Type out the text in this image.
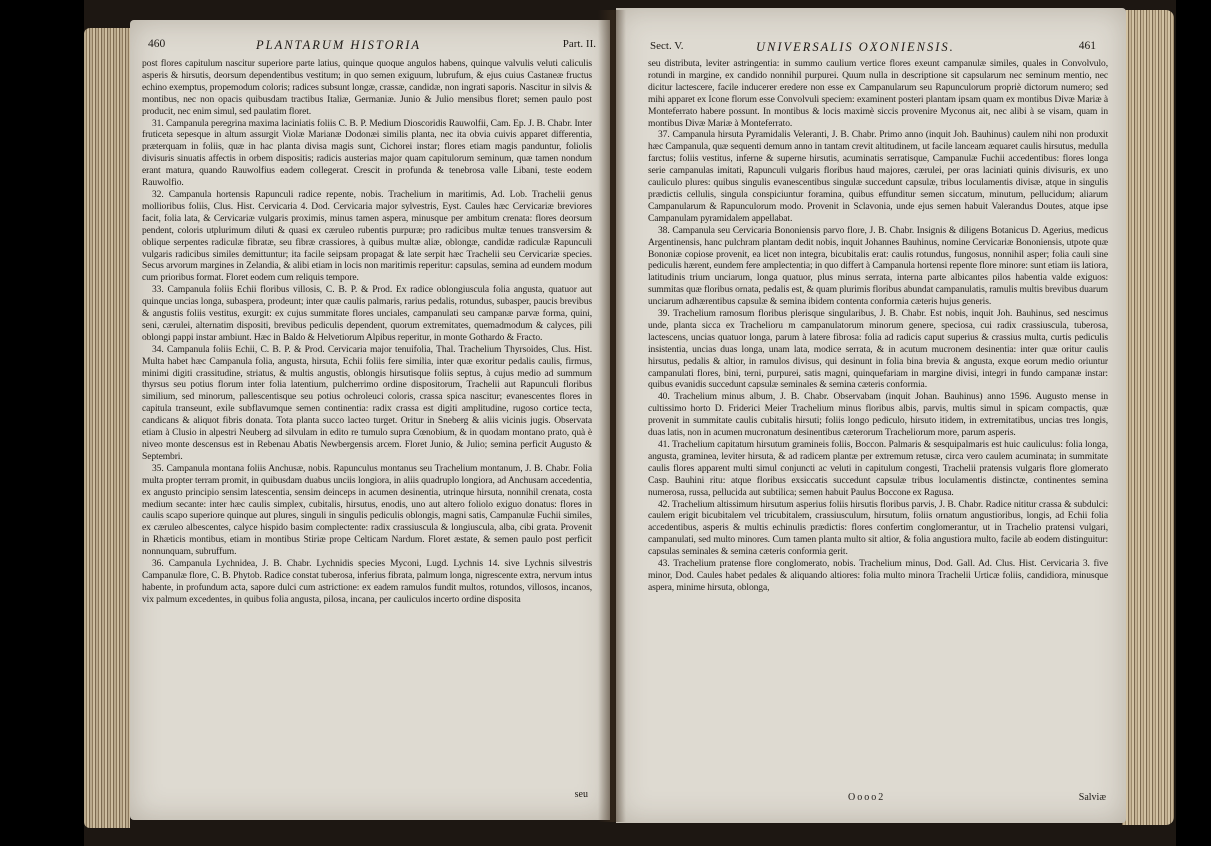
460	PLANTARUM HISTORIA	Part. II.

post flores capitulum nascitur superiore parte latius, quinque quoque angulos habens, quinque valvulis veluti caliculis asperis & hirsutis, deorsum dependentibus vestitum; in quo semen exiguum, lubrufum, & ejus cuius Castaneæ fructus echino exemptus, propemodum coloris; radices subsunt longæ, crassæ, candidæ, non ingrati saporis. Nascitur in silvis & montibus, nec non opacis quibusdam tractibus Italiæ, Germaniæ. Junio & Julio mensibus floret; semen paulo post producit, nec enim simul, sed paulatim floret.

31. Campanula peregrina maxima laciniatis foliis C. B. P. Medium Dioscoridis Rauwolfii, Cam. Ep. J. B. Chabr. Inter fruticeta sepesque in altum assurgit Violæ Marianæ Dodonæi similis planta, nec ita obvia cuivis apparet differentia, præterquam in foliis, quæ in hac planta divisa magis sunt, Cichorei instar; flores etiam magis panduntur, foliolis divisuris sinuatis affectis in orbem dispositis; radicis austerias major quam capitulorum seminum, quæ tamen nondum erant matura, quando Rauwolfius eadem collegerat. Crescit in profunda & tenebrosa valle Libani, teste eodem Rauwolfio.

32. Campanula hortensis Rapunculi radice repente, nobis. Trachelium in maritimis, Ad. Lob. Trachelii genus mollioribus foliis, Clus. Hist. Cervicaria 4. Dod. Cervicaria major sylvestris, Eyst. Caules hæc Cervicariæ breviores facit, folia lata, & Cervicariæ vulgaris proximis, minus tamen aspera, minusque per ambitum crenata: flores deorsum pendent, coloris utplurimum diluti & quasi ex cæruleo rubentis purpuræ; pro radicibus multæ tenues transversim & oblique serpentes radiculæ fibratæ, seu fibræ crassiores, à quibus multæ aliæ, oblongæ, candidæ radiculæ Rapunculi vulgaris radicibus similes demittuntur; ita facile seipsam propagat & late serpit hæc Trachelii seu Cervicariæ species. Secus arvorum margines in Zelandia, & alibi etiam in locis non maritimis reperitur: capsulas, semina ad eundem modum cum prioribus format. Floret eodem cum reliquis tempore.

33. Campanula foliis Echii floribus villosis, C. B. P. & Prod. Ex radice oblongiuscula folia angusta, quatuor aut quinque uncias longa, subaspera, prodeunt; inter quæ caulis palmaris, rarius pedalis, rotundus, subasper, paucis brevibus & angustis foliis vestitus, exurgit: ex cujus summitate flores unciales, campanulati seu campanæ parvæ forma, quini, seni, cærulei, alternatim dispositi, brevibus pediculis dependent, quorum extremitates, quemadmodum & calyces, pili oblongi pappi instar ambiunt. Hæc in Baldo & Helvetiorum Alpibus reperitur, in monte Gothardo & Fracto.

34. Campanula foliis Echii, C. B. P. & Prod. Cervicaria major tenuifolia, Thal. Trachelium Thyrsoides, Clus. Hist. Multa habet hæc Campanula folia, angusta, hirsuta, Echii foliis fere similia, inter quæ exoritur pedalis caulis, firmus, minimi digiti crassitudine, striatus, & multis angustis, oblongis hirsutisque foliis septus, à cujus medio ad summum thyrsus seu potius florum inter folia latentium, pulcherrimo ordine dispositorum, Trachelii aut Rapunculi floribus similium, sed minorum, pallescentisque seu potius ochroleuci coloris, crassa spica nascitur; evanescentes flores in capitula transeunt, exile subflavumque semen continentia: radix crassa est digiti amplitudine, rugoso cortice tecta, candicans & aliquot fibris donata. Tota planta succo lacteo turget. Oritur in Sneberg & aliis vicinis jugis. Observata etiam à Clusio in alpestri Neuberg ad silvulam in edito re tumulo supra Cœnobium, & in quodam montano prato, quà è niveo monte descensus est in Rebenau Abatis Newbergensis arcem. Floret Junio, & Julio; semina perficit Augusto & Septembri.

35. Campanula montana foliis Anchusæ, nobis. Rapunculus montanus seu Trachelium montanum, J. B. Chabr. Folia multa propter terram promit, in quibusdam duabus unciis longiora, in aliis quadruplo longiora, ad Anchusam accedentia, ex angusto principio sensim latescentia, sensim deinceps in acumen desinentia, utrinque hirsuta, nonnihil crenata, costa medium secante: inter hæc caulis simplex, cubitalis, hirsutus, enodis, uno aut altero foliolo exiguo donatus: flores in caulis scapo superiore quinque aut plures, singuli in singulis pediculis oblongis, magni satis, Campanulæ Fuchii similes, ex cæruleo albescentes, calyce hispido basim complectente: radix crassiuscula & longiuscula, alba, cibi grata. Provenit in Rhæticis montibus, etiam in montibus Stiriæ prope Celticam Nardum. Floret æstate, & semen paulo post perficit nonnunquam, subruffum.

36. Campanula Lychnidea, J. B. Chabr. Lychnidis species Myconi, Lugd. Lychnis 14. sive Lychnis silvestris Campanulæ flore, C. B. Phytob. Radice constat tuberosa, inferius fibrata, palmum longa, nigrescente extra, nervum intus habente, in profundum acta, sapore dulci cum astrictione: ex eadem ramulos fundit multos, rotundos, villosos, incanos, vix palmum excedentes, in quibus folia angusta, pilosa, incana, per cauliculos incerto ordine disposita

seu
Sect. V.	UNIVERSALIS OXONIENSIS.	461

seu distributa, leviter astringentia: in summo caulium vertice flores exeunt campanulæ similes, quales in Convolvulo, rotundi in margine, ex candido nonnihil purpurei. Quum nulla in descriptione sit capsularum nec seminum mentio, nec dicitur lactescere, facile inducerer eredere non esse ex Campanularum seu Rapunculorum propriè dictorum numero; sed mihi apparet ex Icone florum esse Convolvuli speciem: examinent posteri plantam ipsam quam ex montibus Divæ Mariæ à Monteferrato habere possunt. In montibus & locis maximè siccis provenire Myconus ait, nec alibi à se visam, quam in montibus Divæ Mariæ à Monteferrato.

37. Campanula hirsuta Pyramidalis Veleranti, J. B. Chabr. Primo anno (inquit Joh. Bauhinus) caulem nihi non produxit hæc Campanula, quæ sequenti demum anno in tantam crevit altitudinem, ut facile lanceam æquaret caulis hirsutus, medulla farctus; foliis vestitus, inferne & superne hirsutis, acuminatis serratisque, Campanulæ Fuchii accedentibus: flores longa serie campanulas imitati, Rapunculi vulgaris floribus haud majores, cærulei, per oras laciniati quinis divisuris, ex uno cauliculo plures: quibus singulis evanescentibus singulæ succedunt capsulæ, tribus loculamentis divisæ, atque in singulis prædictis cellulis, singula conspiciuntur foramina, quibus effunditur semen siccatum, minutum, pellucidum; aliarum Campanularum & Rapunculorum modo. Provenit in Sclavonia, unde ejus semen habuit Valerandus Doutes, atque ipse Campanulam pyramidalem appellabat.

38. Campanula seu Cervicaria Bononiensis parvo flore, J. B. Chabr. Insignis & diligens Botanicus D. Agerius, medicus Argentinensis, hanc pulchram plantam dedit nobis, inquit Johannes Bauhinus, nomine Cervicariæ Bononiensis, utpote quæ Bononiæ copiose provenit, ea licet non integra, bicubitalis erat: caulis rotundus, fungosus, nonnihil asper; folia cauli sine pediculis hærent, eundem fere amplectentia; in quo differt à Campanula hortensi repente flore minore: sunt etiam iis latiora, latitudinis trium unciarum, longa quatuor, plus minus serrata, interna parte albicantes pilos habentia valde exiguos: summitas quæ floribus ornata, pedalis est, & quam plurimis floribus abundat campanulatis, ramulis multis brevibus duarum unciarum adhærentibus capsulæ & semina ibidem contenta conformia cæteris hujus generis.

39. Trachelium ramosum floribus plerisque singularibus, J. B. Chabr. Est nobis, inquit Joh. Bauhinus, sed nescimus unde, planta sicca ex Trachelioru m campanulatorum minorum genere, speciosa, cui radix crassiuscula, tuberosa, lactescens, uncias quatuor longa, parum à latere fibrosa: folia ad radicis caput superius & crassius multa, curtis pediculis insistentia, uncias duas longa, unam lata, modice serrata, & in acutum mucronem desinentia: inter quæ oritur caulis hirsutus, pedalis & altior, in ramulos divisus, qui desinunt in folia bina brevia & angusta, exque eorum medio oriuntur campanulati flores, bini, terni, purpurei, satis magni, quinquefariam in margine divisi, integri in fundo campanæ instar: quibus evanidis succedunt capsulæ seminales & semina cæteris conformia.

40. Trachelium minus album, J. B. Chabr. Observabam (inquit Johan. Bauhinus) anno 1596. Augusto mense in cultissimo horto D. Friderici Meier Trachelium minus floribus albis, parvis, multis simul in spicam compactis, quæ provenit in summitate caulis cubitalis hirsuti; foliis longo pediculo, hirsuto itidem, in extremitatibus, uncias tres longis, duas latis, non in acumen mucronatum desinentibus cæterorum Tracheliorum more, parum asperis.

41. Trachelium capitatum hirsutum gramineis foliis, Boccon. Palmaris & sesquipalmaris est huic cauliculus: folia longa, angusta, graminea, leviter hirsuta, & ad radicem plantæ per extremum retusæ, circa vero caulem acuminata; in summitate caulis flores apparent multi simul conjuncti ac veluti in capitulum congesti, Trachelii pratensis vulgaris flore glomerato Casp. Bauhini ritu: atque floribus exsiccatis succedunt capsulæ tribus loculamentis distinctæ, continentes semina numerosa, russa, pellucida aut subtilica; semen habuit Paulus Boccone ex Ragusa.

42. Trachelium altissimum hirsutum asperius foliis hirsutis floribus parvis, J. B. Chabr. Radice nititur crassa & subdulci: caulem erigit bicubitalem vel tricubitalem, crassiusculum, hirsutum, foliis ornatum angustioribus, longis, ad Echii folia accedentibus, asperis & multis echinulis prædictis: flores confertim conglomerantur, ut in Trachelio pratensi vulgari, campanulati, sed multo minores. Cum tamen planta multo sit altior, & folia angustiora multo, facile ab eodem distinguitur: capsulas seminales & semina cæteris conformia gerit.

43. Trachelium pratense flore conglomerato, nobis. Trachelium minus, Dod. Gall. Ad. Clus. Hist. Cervicaria 3. five minor, Dod. Caules habet pedales & aliquando altiores: folia multo minora Trachelii Urticæ foliis, candidiora, minusque aspera, minime hirsuta, oblonga,

Oooo2	Salviæ
